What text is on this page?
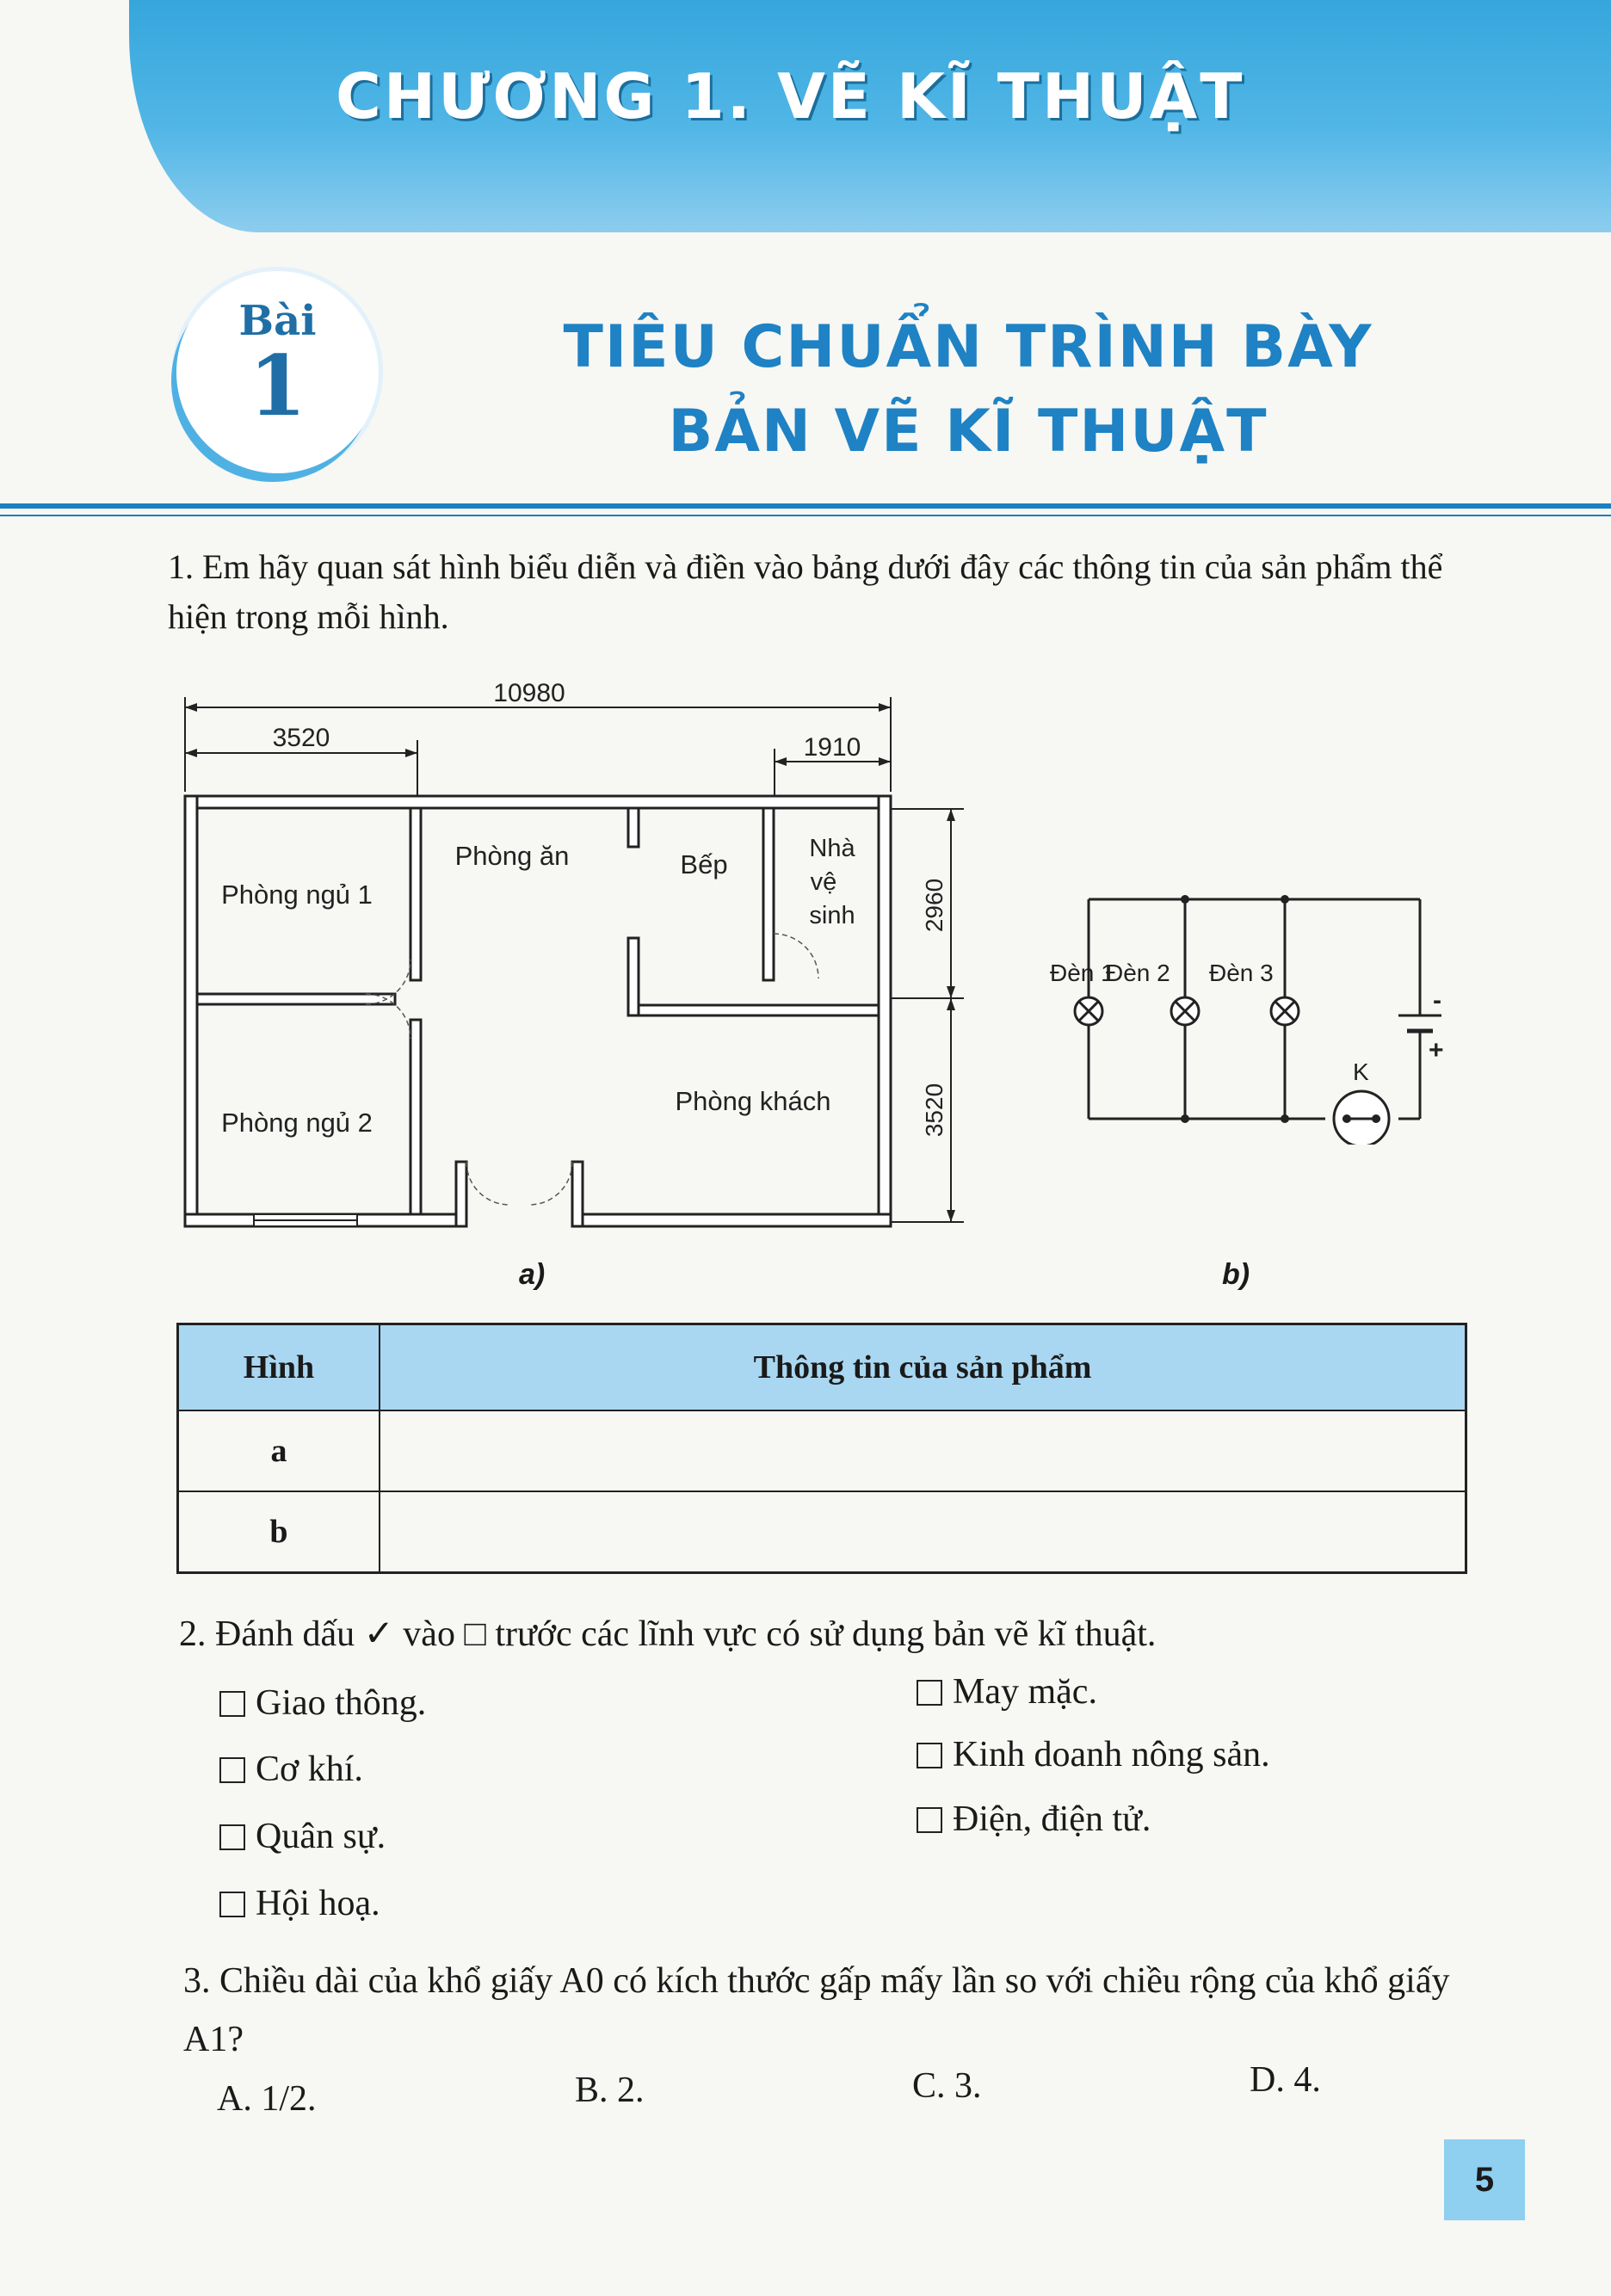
CHƯƠNG 1. VẼ KĨ THUẬT
Bài
1	TIÊU CHUẨN TRÌNH BÀY
BẢN VẼ KĨ THUẬT
1. Em hãy quan sát hình biểu diễn và điền vào bảng dưới đây các thông tin của sản phẩm thể hiện trong mỗi hình.
10980
3520	1910
2960
3520
Phòng ngủ 1
Phòng ăn	Bếp
Nhà
vệ
sinh
Phòng ngủ 2
Phòng khách
a)
Đèn 1
Đèn 2 Đèn 3
K
-
+
b)
Hình	Thông tin của sản phẩm
a	
b	
2. Đánh dấu ✓ vào □ trước các lĩnh vực có sử dụng bản vẽ kĩ thuật.
Giao thông.
Cơ khí.
Quân sự.
Hội hoạ.
May mặc.
Kinh doanh nông sản.
Điện, điện tử.
3. Chiều dài của khổ giấy A0 có kích thước gấp mấy lần so với chiều rộng của khổ giấy A1?
A. 1/2.	B. 2.	C. 3.	D. 4.
5
